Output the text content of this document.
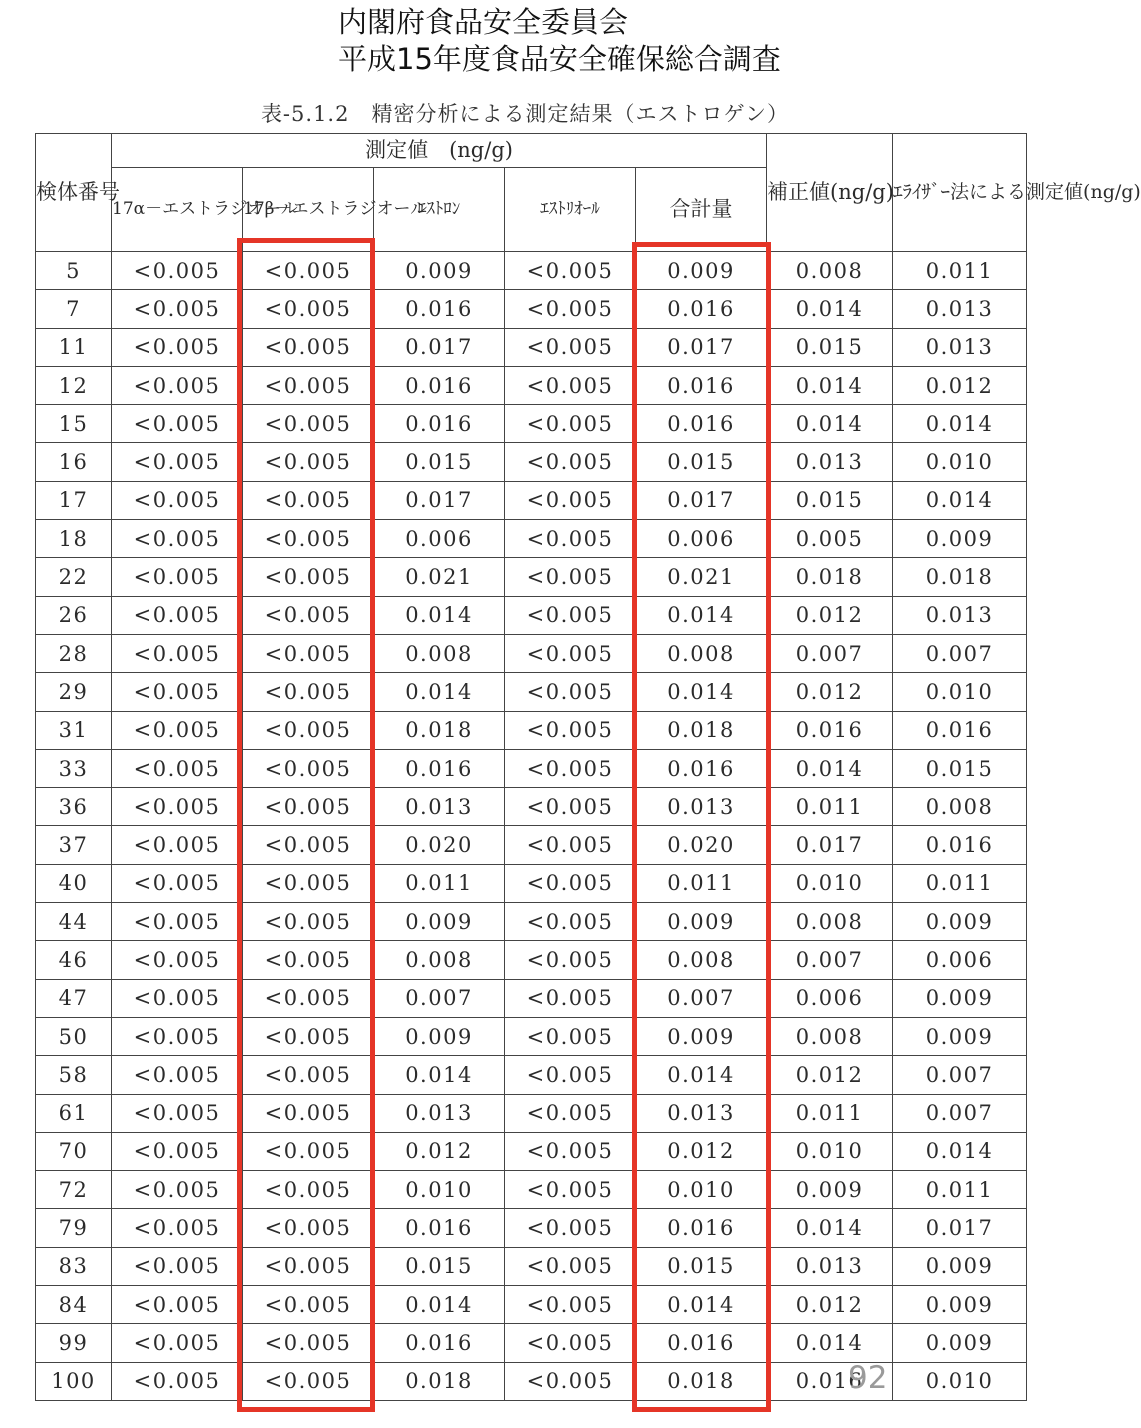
内閣府食品安全委員会
平成15年度食品安全確保総合調査
表-5.1.2　精密分析による測定結果（エストロゲン）
検体番号	測定値　(ng/g)					補正値(ng/g)	ｴﾗｲｻﾞｰ法による測定値(ng/g)
	17α－エストラジオール	17β－エストラジオール	ｴｽﾄﾛﾝ	ｴｽﾄﾘｵｰﾙ	合計量		
5	<0.005	<0.005	0.009	<0.005	0.009	0.008	0.011
7	<0.005	<0.005	0.016	<0.005	0.016	0.014	0.013
11	<0.005	<0.005	0.017	<0.005	0.017	0.015	0.013
12	<0.005	<0.005	0.016	<0.005	0.016	0.014	0.012
15	<0.005	<0.005	0.016	<0.005	0.016	0.014	0.014
16	<0.005	<0.005	0.015	<0.005	0.015	0.013	0.010
17	<0.005	<0.005	0.017	<0.005	0.017	0.015	0.014
18	<0.005	<0.005	0.006	<0.005	0.006	0.005	0.009
22	<0.005	<0.005	0.021	<0.005	0.021	0.018	0.018
26	<0.005	<0.005	0.014	<0.005	0.014	0.012	0.013
28	<0.005	<0.005	0.008	<0.005	0.008	0.007	0.007
29	<0.005	<0.005	0.014	<0.005	0.014	0.012	0.010
31	<0.005	<0.005	0.018	<0.005	0.018	0.016	0.016
33	<0.005	<0.005	0.016	<0.005	0.016	0.014	0.015
36	<0.005	<0.005	0.013	<0.005	0.013	0.011	0.008
37	<0.005	<0.005	0.020	<0.005	0.020	0.017	0.016
40	<0.005	<0.005	0.011	<0.005	0.011	0.010	0.011
44	<0.005	<0.005	0.009	<0.005	0.009	0.008	0.009
46	<0.005	<0.005	0.008	<0.005	0.008	0.007	0.006
47	<0.005	<0.005	0.007	<0.005	0.007	0.006	0.009
50	<0.005	<0.005	0.009	<0.005	0.009	0.008	0.009
58	<0.005	<0.005	0.014	<0.005	0.014	0.012	0.007
61	<0.005	<0.005	0.013	<0.005	0.013	0.011	0.007
70	<0.005	<0.005	0.012	<0.005	0.012	0.010	0.014
72	<0.005	<0.005	0.010	<0.005	0.010	0.009	0.011
79	<0.005	<0.005	0.016	<0.005	0.016	0.014	0.017
83	<0.005	<0.005	0.015	<0.005	0.015	0.013	0.009
84	<0.005	<0.005	0.014	<0.005	0.014	0.012	0.009
99	<0.005	<0.005	0.016	<0.005	0.016	0.014	0.009
100	<0.005	<0.005	0.018	<0.005	0.018	0.016	0.010
92
